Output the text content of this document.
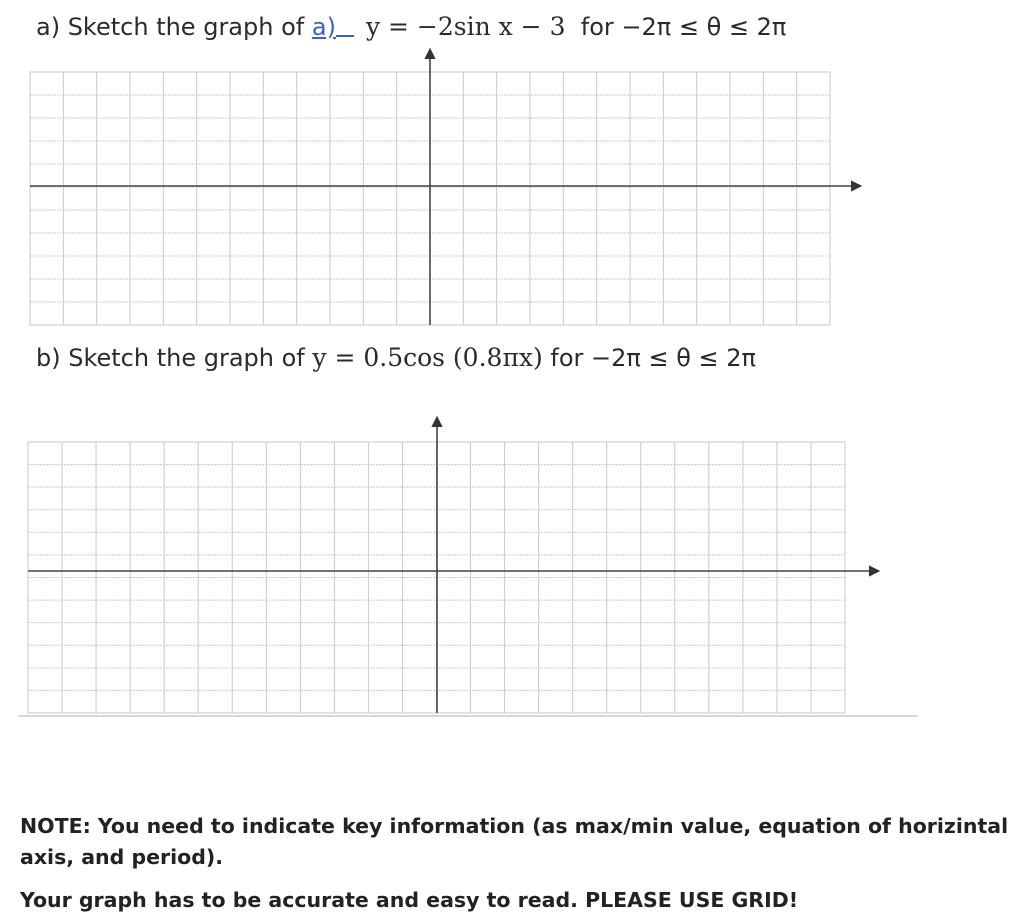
a) Sketch the graph of a) y = −2sin x − 3 for −2π ≤ θ ≤ 2π

b) Sketch the graph of y = 0.5cos (0.8πx) for −2π ≤ θ ≤ 2π

NOTE: You need to indicate key information (as max/min value, equation of horizintal axis, and period).

Your graph has to be accurate and easy to read. PLEASE USE GRID!
